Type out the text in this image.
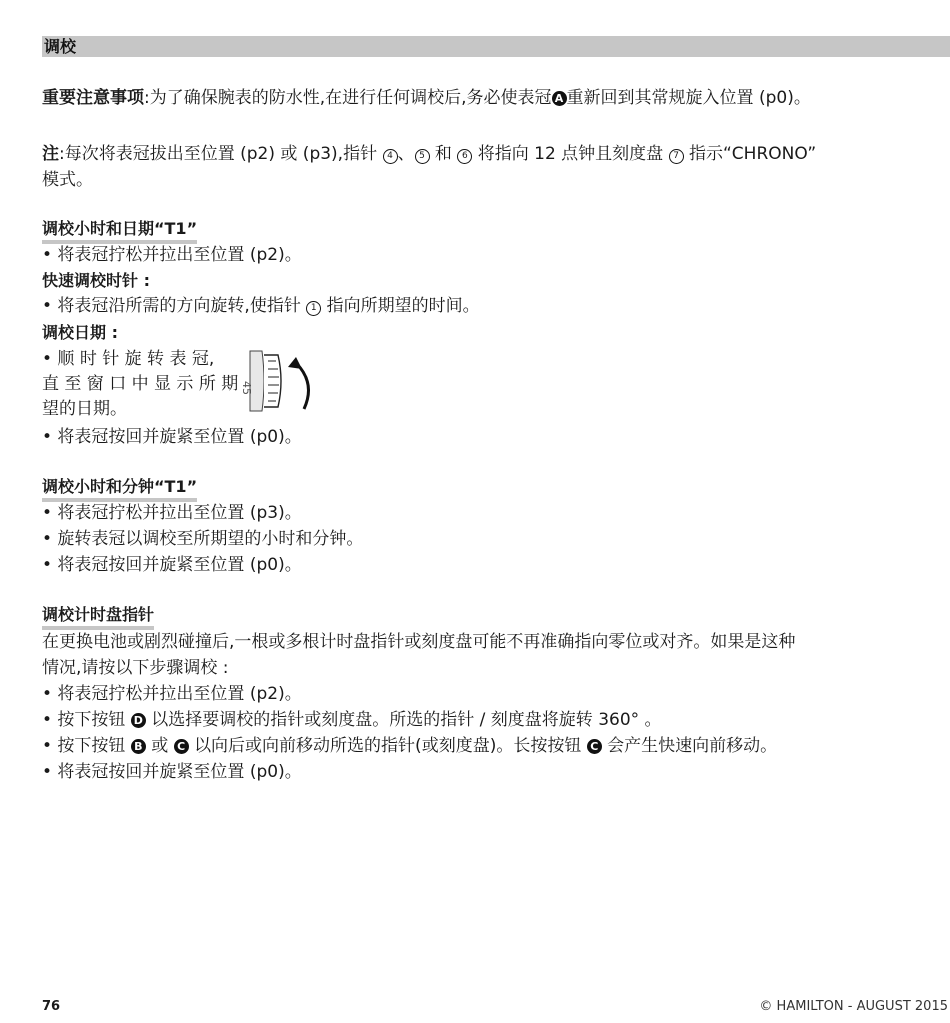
调校
重要注意事项:为了确保腕表的防水性,在进行任何调校后,务必使表冠 A 重新回到其常规旋入位置 (p0)。
注:每次将表冠拔出至位置 (p2) 或 (p3),指针 4 、 5 和 6 将指向 12 点钟且刻度盘 7 指示“CHRONO”
模式。
调校小时和日期“T1”
• 将表冠拧松并拉出至位置 (p2)。
快速调校时针 :
• 将表冠沿所需的方向旋转,使指针 1 指向所期望的时间。
调校日期 :
• 顺 时 针 旋 转 表 冠,
直 至 窗 口 中 显 示 所 期
望的日期。
45
• 将表冠按回并旋紧至位置 (p0)。
调校小时和分钟“T1”
• 将表冠拧松并拉出至位置 (p3)。
• 旋转表冠以调校至所期望的小时和分钟。
• 将表冠按回并旋紧至位置 (p0)。
调校计时盘指针
在更换电池或剧烈碰撞后,一根或多根计时盘指针或刻度盘可能不再准确指向零位或对齐。如果是这种
情况,请按以下步骤调校 :
• 将表冠拧松并拉出至位置 (p2)。
• 按下按钮 D 以选择要调校的指针或刻度盘。所选的指针 / 刻度盘将旋转 360° 。
• 按下按钮 B 或 C 以向后或向前移动所选的指针(或刻度盘)。长按按钮 C 会产生快速向前移动。
• 将表冠按回并旋紧至位置 (p0)。
76	© HAMILTON - AUGUST 2015
